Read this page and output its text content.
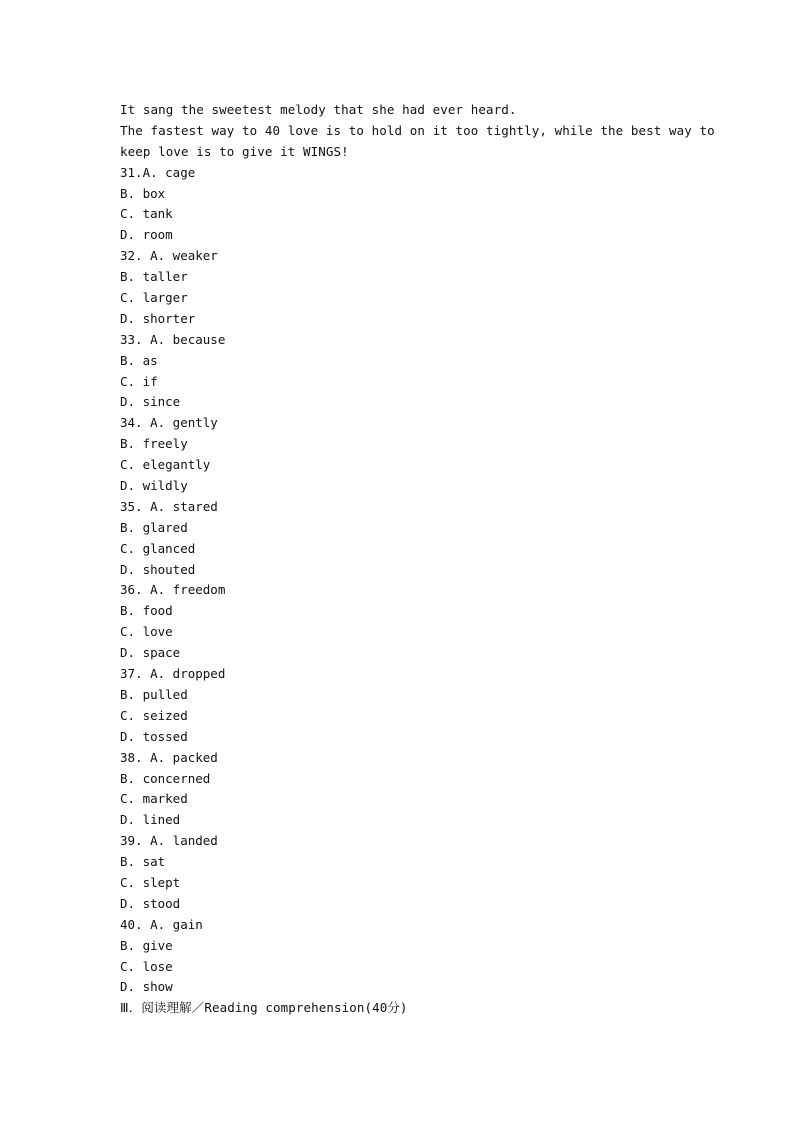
It sang the sweetest melody that she had ever heard.
The fastest way to 40 love is to hold on it too tightly, while the best way to
keep love is to give it WINGS!
31.A. cage
B. box
C. tank
D. room
32. A. weaker
B. taller
C. larger
D. shorter
33. A. because
B. as
C. if
D. since
34. A. gently
B. freely
C. elegantly
D. wildly
35. A. stared
B. glared
C. glanced
D. shouted
36. A. freedom
B. food
C. love
D. space
37. A. dropped
B. pulled
C. seized
D. tossed
38. A. packed
B. concerned
C. marked
D. lined
39. A. landed
B. sat
C. slept
D. stood
40. A. gain
B. give
C. lose
D. show
Ⅲ．阅读理解／Reading comprehension(40分)
